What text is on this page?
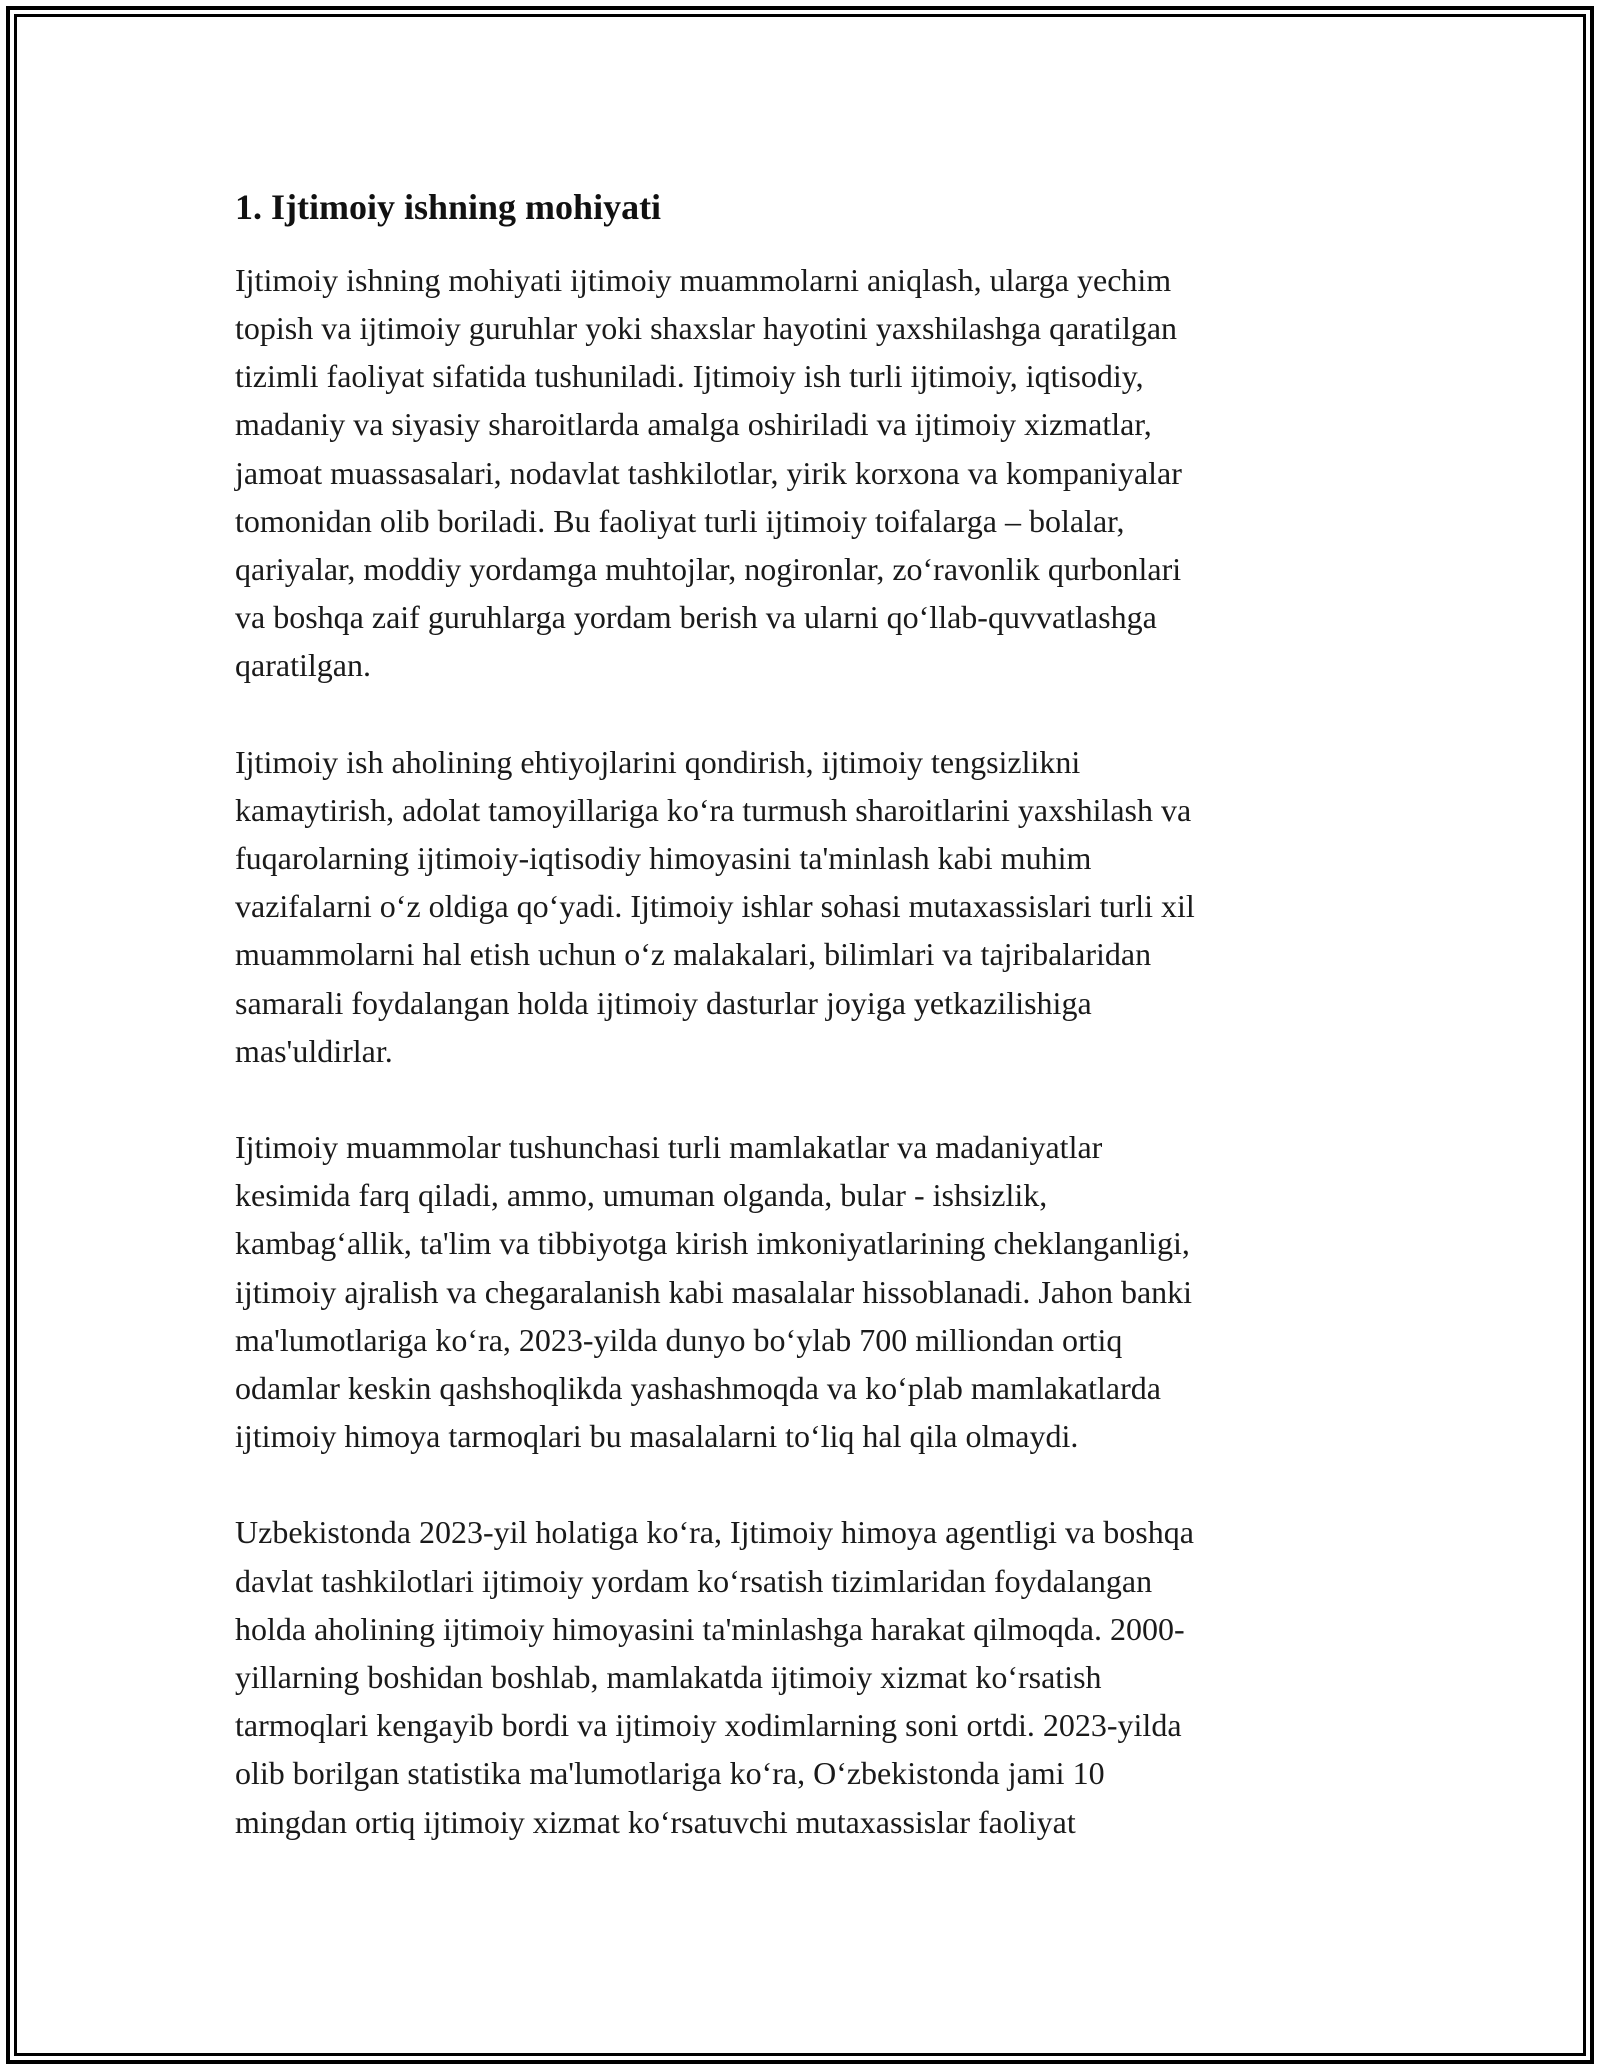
1. Ijtimoiy ishning mohiyati
Ijtimoiy ishning mohiyati ijtimoiy muammolarni aniqlash, ularga yechim
topish va ijtimoiy guruhlar yoki shaxslar hayotini yaxshilashga qaratilgan
tizimli faoliyat sifatida tushuniladi. Ijtimoiy ish turli ijtimoiy, iqtisodiy,
madaniy va siyasiy sharoitlarda amalga oshiriladi va ijtimoiy xizmatlar,
jamoat muassasalari, nodavlat tashkilotlar, yirik korxona va kompaniyalar
tomonidan olib boriladi. Bu faoliyat turli ijtimoiy toifalarga – bolalar,
qariyalar, moddiy yordamga muhtojlar, nogironlar, zo‘ravonlik qurbonlari
va boshqa zaif guruhlarga yordam berish va ularni qo‘llab-quvvatlashga
qaratilgan.
Ijtimoiy ish aholining ehtiyojlarini qondirish, ijtimoiy tengsizlikni
kamaytirish, adolat tamoyillariga ko‘ra turmush sharoitlarini yaxshilash va
fuqarolarning ijtimoiy-iqtisodiy himoyasini ta'minlash kabi muhim
vazifalarni o‘z oldiga qo‘yadi. Ijtimoiy ishlar sohasi mutaxassislari turli xil
muammolarni hal etish uchun o‘z malakalari, bilimlari va tajribalaridan
samarali foydalangan holda ijtimoiy dasturlar joyiga yetkazilishiga
mas'uldirlar.
Ijtimoiy muammolar tushunchasi turli mamlakatlar va madaniyatlar
kesimida farq qiladi, ammo, umuman olganda, bular - ishsizlik,
kambag‘allik, ta'lim va tibbiyotga kirish imkoniyatlarining cheklanganligi,
ijtimoiy ajralish va chegaralanish kabi masalalar hissoblanadi. Jahon banki
ma'lumotlariga ko‘ra, 2023-yilda dunyo bo‘ylab 700 milliondan ortiq
odamlar keskin qashshoqlikda yashashmoqda va ko‘plab mamlakatlarda
ijtimoiy himoya tarmoqlari bu masalalarni to‘liq hal qila olmaydi.
Uzbekistonda 2023-yil holatiga ko‘ra, Ijtimoiy himoya agentligi va boshqa
davlat tashkilotlari ijtimoiy yordam ko‘rsatish tizimlaridan foydalangan
holda aholining ijtimoiy himoyasini ta'minlashga harakat qilmoqda. 2000-
yillarning boshidan boshlab, mamlakatda ijtimoiy xizmat ko‘rsatish
tarmoqlari kengayib bordi va ijtimoiy xodimlarning soni ortdi. 2023-yilda
olib borilgan statistika ma'lumotlariga ko‘ra, O‘zbekistonda jami 10
mingdan ortiq ijtimoiy xizmat ko‘rsatuvchi mutaxassislar faoliyat
